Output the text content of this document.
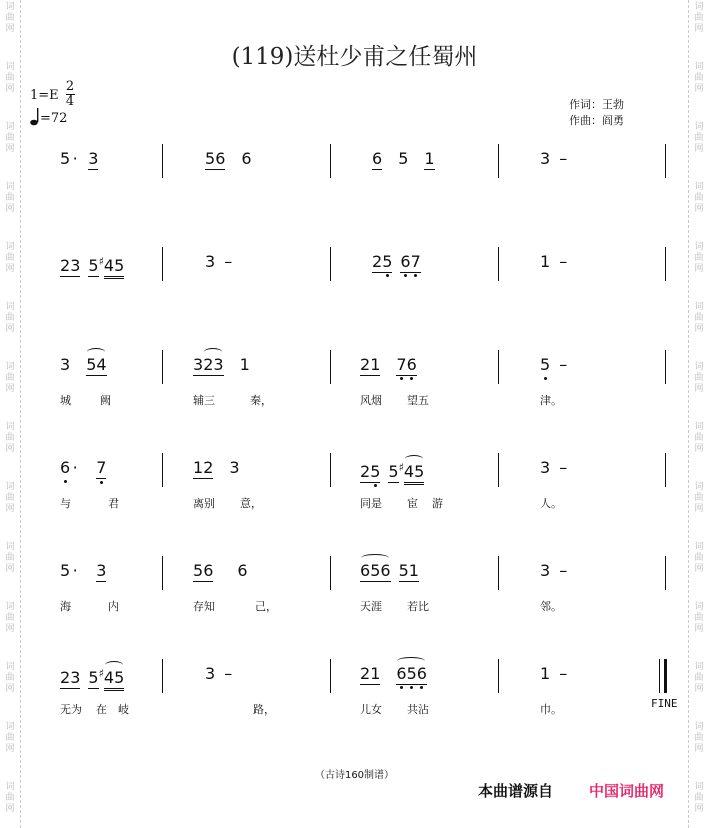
词
曲
网
词
曲
网
词
曲
网
词
曲
网
词
曲
网
词
曲
网
词
曲
网
词
曲
网
词
曲
网
词
曲
网
词
曲
网
词
曲
网
词
曲
网
词
曲
网
词
曲
网
词
曲
网
词
曲
网
词
曲
网
词
曲
网
词
曲
网
词
曲
网
词
曲
网
词
曲
网
词
曲
网
词
曲
网
词
曲
网
词
曲
网
词
曲
网
(119)送杜少甫之任蜀州
1=E
2
4
=72
作词：王勃
作曲：阎勇
5 · 3	56 6	6 5 1	3 –
23 5♯45	3 –	25 67	1 –
3 54	3
23 1	21 76	5 –
城	阙	辅三	秦，	风烟 望五	津。
6 · 7	12 3	25 5♯
45	3 –
与	君	离别 意，	同是 宦 游	人。
5 · 3	56 6	656 51	3 –
海	内	存知	己，	天涯 若比	邻。
FINE
23 5♯
45	3 –	21 656	1 –
无为 在 岐	路，	儿女 共沾	巾。
（古诗160制谱）
本曲谱源自 中国词曲网
